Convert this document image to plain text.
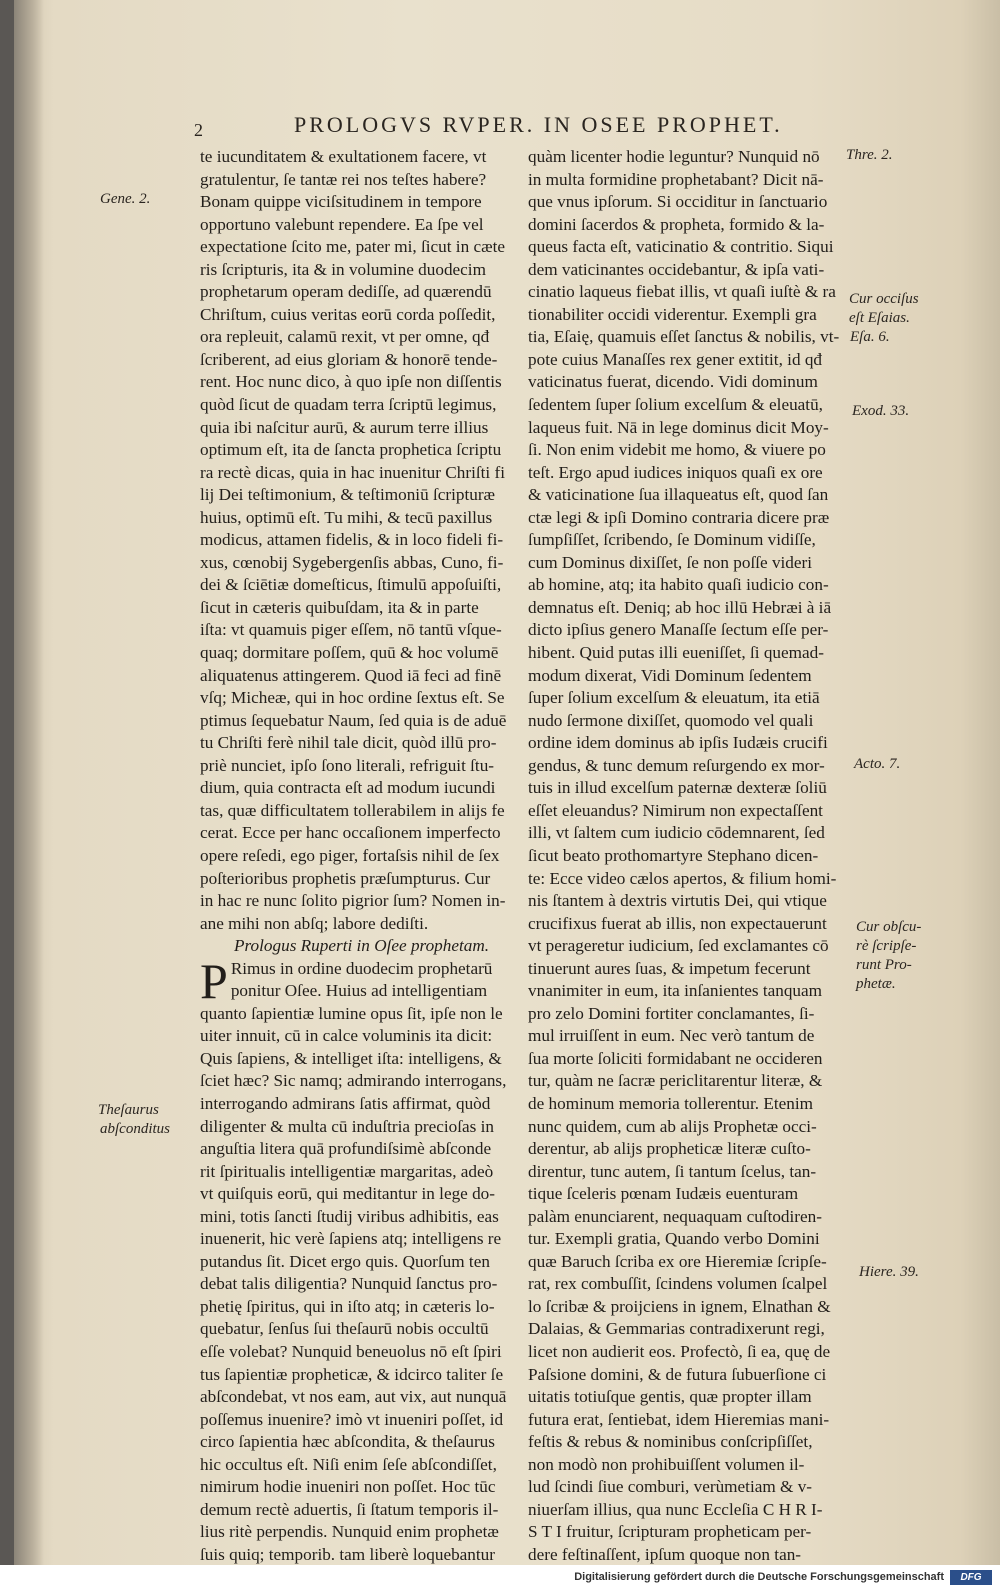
2	PROLOGVS RVPER. IN OSEE PROPHET.
te iucunditatem & exultationem facere, vt
gratulentur, ſe tantæ rei nos teſtes habere?
Bonam quippe viciſsitudinem in tempore
opportuno valebunt rependere. Ea ſpe vel
expectatione ſcito me, pater mi, ſicut in cæte
ris ſcripturis, ita & in volumine duodecim
prophetarum operam dediſſe, ad quærendū
Chriſtum, cuius veritas eorū corda poſſedit,
ora repleuit, calamū rexit, vt per omne, qđ
ſcriberent, ad eius gloriam & honorē tende-
rent. Hoc nunc dico, à quo ipſe non diſſentis
quòd ſicut de quadam terra ſcriptū legimus,
quia ibi naſcitur aurū, & aurum terre illius
optimum eſt, ita de ſancta prophetica ſcriptu
ra rectè dicas, quia in hac inuenitur Chriſti fi
lij Dei teſtimonium, & teſtimoniū ſcripturæ
huius, optimū eſt. Tu mihi, & tecū paxillus
modicus, attamen fidelis, & in loco fideli fi-
xus, cœnobij Sygebergenſis abbas, Cuno, fi-
dei & ſciētiæ domeſticus, ſtimulū appoſuiſti,
ſicut in cæteris quibuſdam, ita & in parte
iſta: vt quamuis piger eſſem, nō tantū vſque-
quaq; dormitare poſſem, quū & hoc volumē
aliquatenus attingerem. Quod iā feci ad finē
vſq; Micheæ, qui in hoc ordine ſextus eſt. Se
ptimus ſequebatur Naum, ſed quia is de aduē
tu Chriſti ferè nihil tale dicit, quòd illū pro-
priè nunciet, ipſo ſono literali, refriguit ſtu-
dium, quia contracta eſt ad modum iucundi
tas, quæ difficultatem tollerabilem in alijs fe
cerat. Ecce per hanc occaſionem imperfecto
opere reſedi, ego piger, fortaſsis nihil de ſex
poſterioribus prophetis præſumpturus. Cur
in hac re nunc ſolito pigrior ſum? Nomen in-
ane mihi non abſq; labore dediſti.
Prologus Ruperti in Oſee prophetam.
P Rimus in ordine duodecim prophetarū
ponitur Oſee. Huius ad intelligentiam
quanto ſapientiæ lumine opus ſit, ipſe non le
uiter innuit, cū in calce voluminis ita dicit:
Quis ſapiens, & intelliget iſta: intelligens, &
ſciet hæc? Sic namq; admirando interrogans,
interrogando admirans ſatis affirmat, quòd
diligenter & multa cū induſtria precioſas in
anguſtia litera quā profundiſsimè abſconde
rit ſpiritualis intelligentiæ margaritas, adeò
vt quiſquis eorū, qui meditantur in lege do-
mini, totis ſancti ſtudij viribus adhibitis, eas
inuenerit, hic verè ſapiens atq; intelligens re
putandus ſit. Dicet ergo quis. Quorſum ten
debat talis diligentia? Nunquid ſanctus pro-
phetię ſpiritus, qui in iſto atq; in cæteris lo-
quebatur, ſenſus ſui theſaurū nobis occultū
eſſe volebat? Nunquid beneuolus nō eſt ſpiri
tus ſapientiæ propheticæ, & idcirco taliter ſe
abſcondebat, vt nos eam, aut vix, aut nunquā
poſſemus inuenire? imò vt inueniri poſſet, id
circo ſapientia hæc abſcondita, & theſaurus
hic occultus eſt. Niſi enim ſeſe abſcondiſſet,
nimirum hodie inueniri non poſſet. Hoc tūc
demum rectè aduertis, ſi ſtatum temporis il-
lius ritè perpendis. Nunquid enim prophetæ
ſuis quiq; temporib. tam liberè loquebantur
quàm licenter hodie leguntur? Nunquid nō
in multa formidine prophetabant? Dicit nā-
que vnus ipſorum. Si occiditur in ſanctuario
domini ſacerdos & propheta, formido & la-
queus facta eſt, vaticinatio & contritio. Siqui
dem vaticinantes occidebantur, & ipſa vati-
cinatio laqueus fiebat illis, vt quaſi iuſtè & ra
tionabiliter occidi viderentur. Exempli gra
tia, Eſaię, quamuis eſſet ſanctus & nobilis, vt-
pote cuius Manaſſes rex gener extitit, id qđ
vaticinatus fuerat, dicendo. Vidi dominum
ſedentem ſuper ſolium excelſum & eleuatū,
laqueus fuit. Nā in lege dominus dicit Moy-
ſi. Non enim videbit me homo, & viuere po
teſt. Ergo apud iudices iniquos quaſi ex ore
& vaticinatione ſua illaqueatus eſt, quod ſan
ctæ legi & ipſi Domino contraria dicere præ
ſumpſiſſet, ſcribendo, ſe Dominum vidiſſe,
cum Dominus dixiſſet, ſe non poſſe videri
ab homine, atq; ita habito quaſi iudicio con-
demnatus eſt. Deniq; ab hoc illū Hebræi à iā
dicto ipſius genero Manaſſe ſectum eſſe per-
hibent. Quid putas illi eueniſſet, ſi quemad-
modum dixerat, Vidi Dominum ſedentem
ſuper ſolium excelſum & eleuatum, ita etiā
nudo ſermone dixiſſet, quomodo vel quali
ordine idem dominus ab ipſis Iudæis crucifi
gendus, & tunc demum reſurgendo ex mor-
tuis in illud excelſum paternæ dexteræ ſoliū
eſſet eleuandus? Nimirum non expectaſſent
illi, vt ſaltem cum iudicio cōdemnarent, ſed
ſicut beato prothomartyre Stephano dicen-
te: Ecce video cælos apertos, & filium homi-
nis ſtantem à dextris virtutis Dei, qui vtique
crucifixus fuerat ab illis, non expectauerunt
vt peragеretur iudicium, ſed exclamantes cō
tinuerunt aures ſuas, & impetum fecerunt
vnanimiter in eum, ita inſanientes tanquam
pro zelo Domini fortiter conclamantes, ſi-
mul irruiſſent in eum. Nec verò tantum de
ſua morte ſoliciti formidabant ne occideren
tur, quàm ne ſacræ periclitarentur literæ, &
de hominum memoria tollerentur. Etenim
nunc quidem, cum ab alijs Prophetæ occi-
derentur, ab alijs propheticæ literæ cuſto-
direntur, tunc autem, ſi tantum ſcelus, tan-
tique ſceleris pœnam Iudæis euenturam
palàm enunciarent, nequaquam cuſtodiren-
tur. Exempli gratia, Quando verbo Domini
quæ Baruch ſcriba ex ore Hieremiæ ſcripſe-
rat, rex combuſſit, ſcindens volumen ſcalpel
lo ſcribæ & proijciens in ignem, Elnathan &
Dalaias, & Gemmarias contradixerunt regi,
licet non audierit eos. Profectò, ſi ea, quę de
Paſsione domini, & de futura ſubuerſione ci
uitatis totiuſque gentis, quæ propter illam
futura erat, ſentiebat, idem Hieremias mani-
feſtis & rebus & nominibus conſcripſiſſet,
non modò non prohibuiſſent volumen il-
lud ſcindi ſiue comburi, verùmetiam & v-
niuerſam illius, qua nunc Eccleſia C H R I-
S T I fruitur, ſcripturam propheticam per-
dere feſtinaſſent, ipſum quoque non tan-
Gene. 2.
Theſaurus
abſconditus
Thre. 2.
Cur occiſus
eſt Eſaias.
Eſa. 6.
Exod. 33.
Acto. 7.
Cur obſcu-
rè ſcripſe-
runt Pro-
phetæ.
Hiere. 39.
Digitalisierung gefördert durch die Deutsche Forschungsgemeinschaft	DFG
